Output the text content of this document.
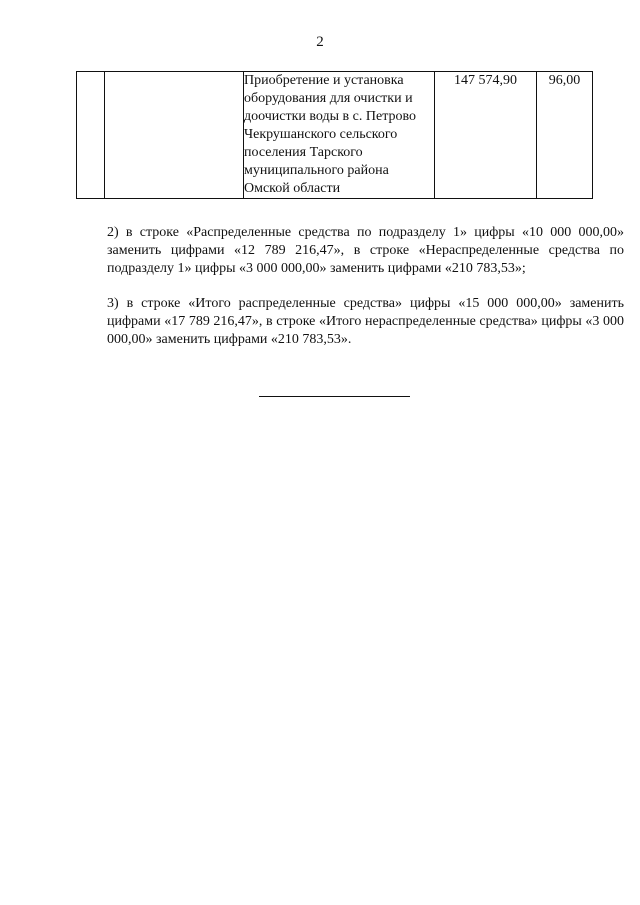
2
		Приобретение и установка оборудования для очистки и доочистки воды в с. Петрово Чекрушанского сельского поселения Тарского муниципального района Омской области	147 574,90	96,00

2) в строке «Распределенные средства по подразделу 1» цифры «10 000 000,00» заменить цифрами «12 789 216,47», в строке «Нераспределенные средства по подразделу 1» цифры «3 000 000,00» заменить цифрами «210 783,53»;

3) в строке «Итого распределенные средства» цифры «15 000 000,00» заменить цифрами «17 789 216,47», в строке «Итого нераспределенные средства» цифры «3 000 000,00» заменить цифрами «210 783,53».
